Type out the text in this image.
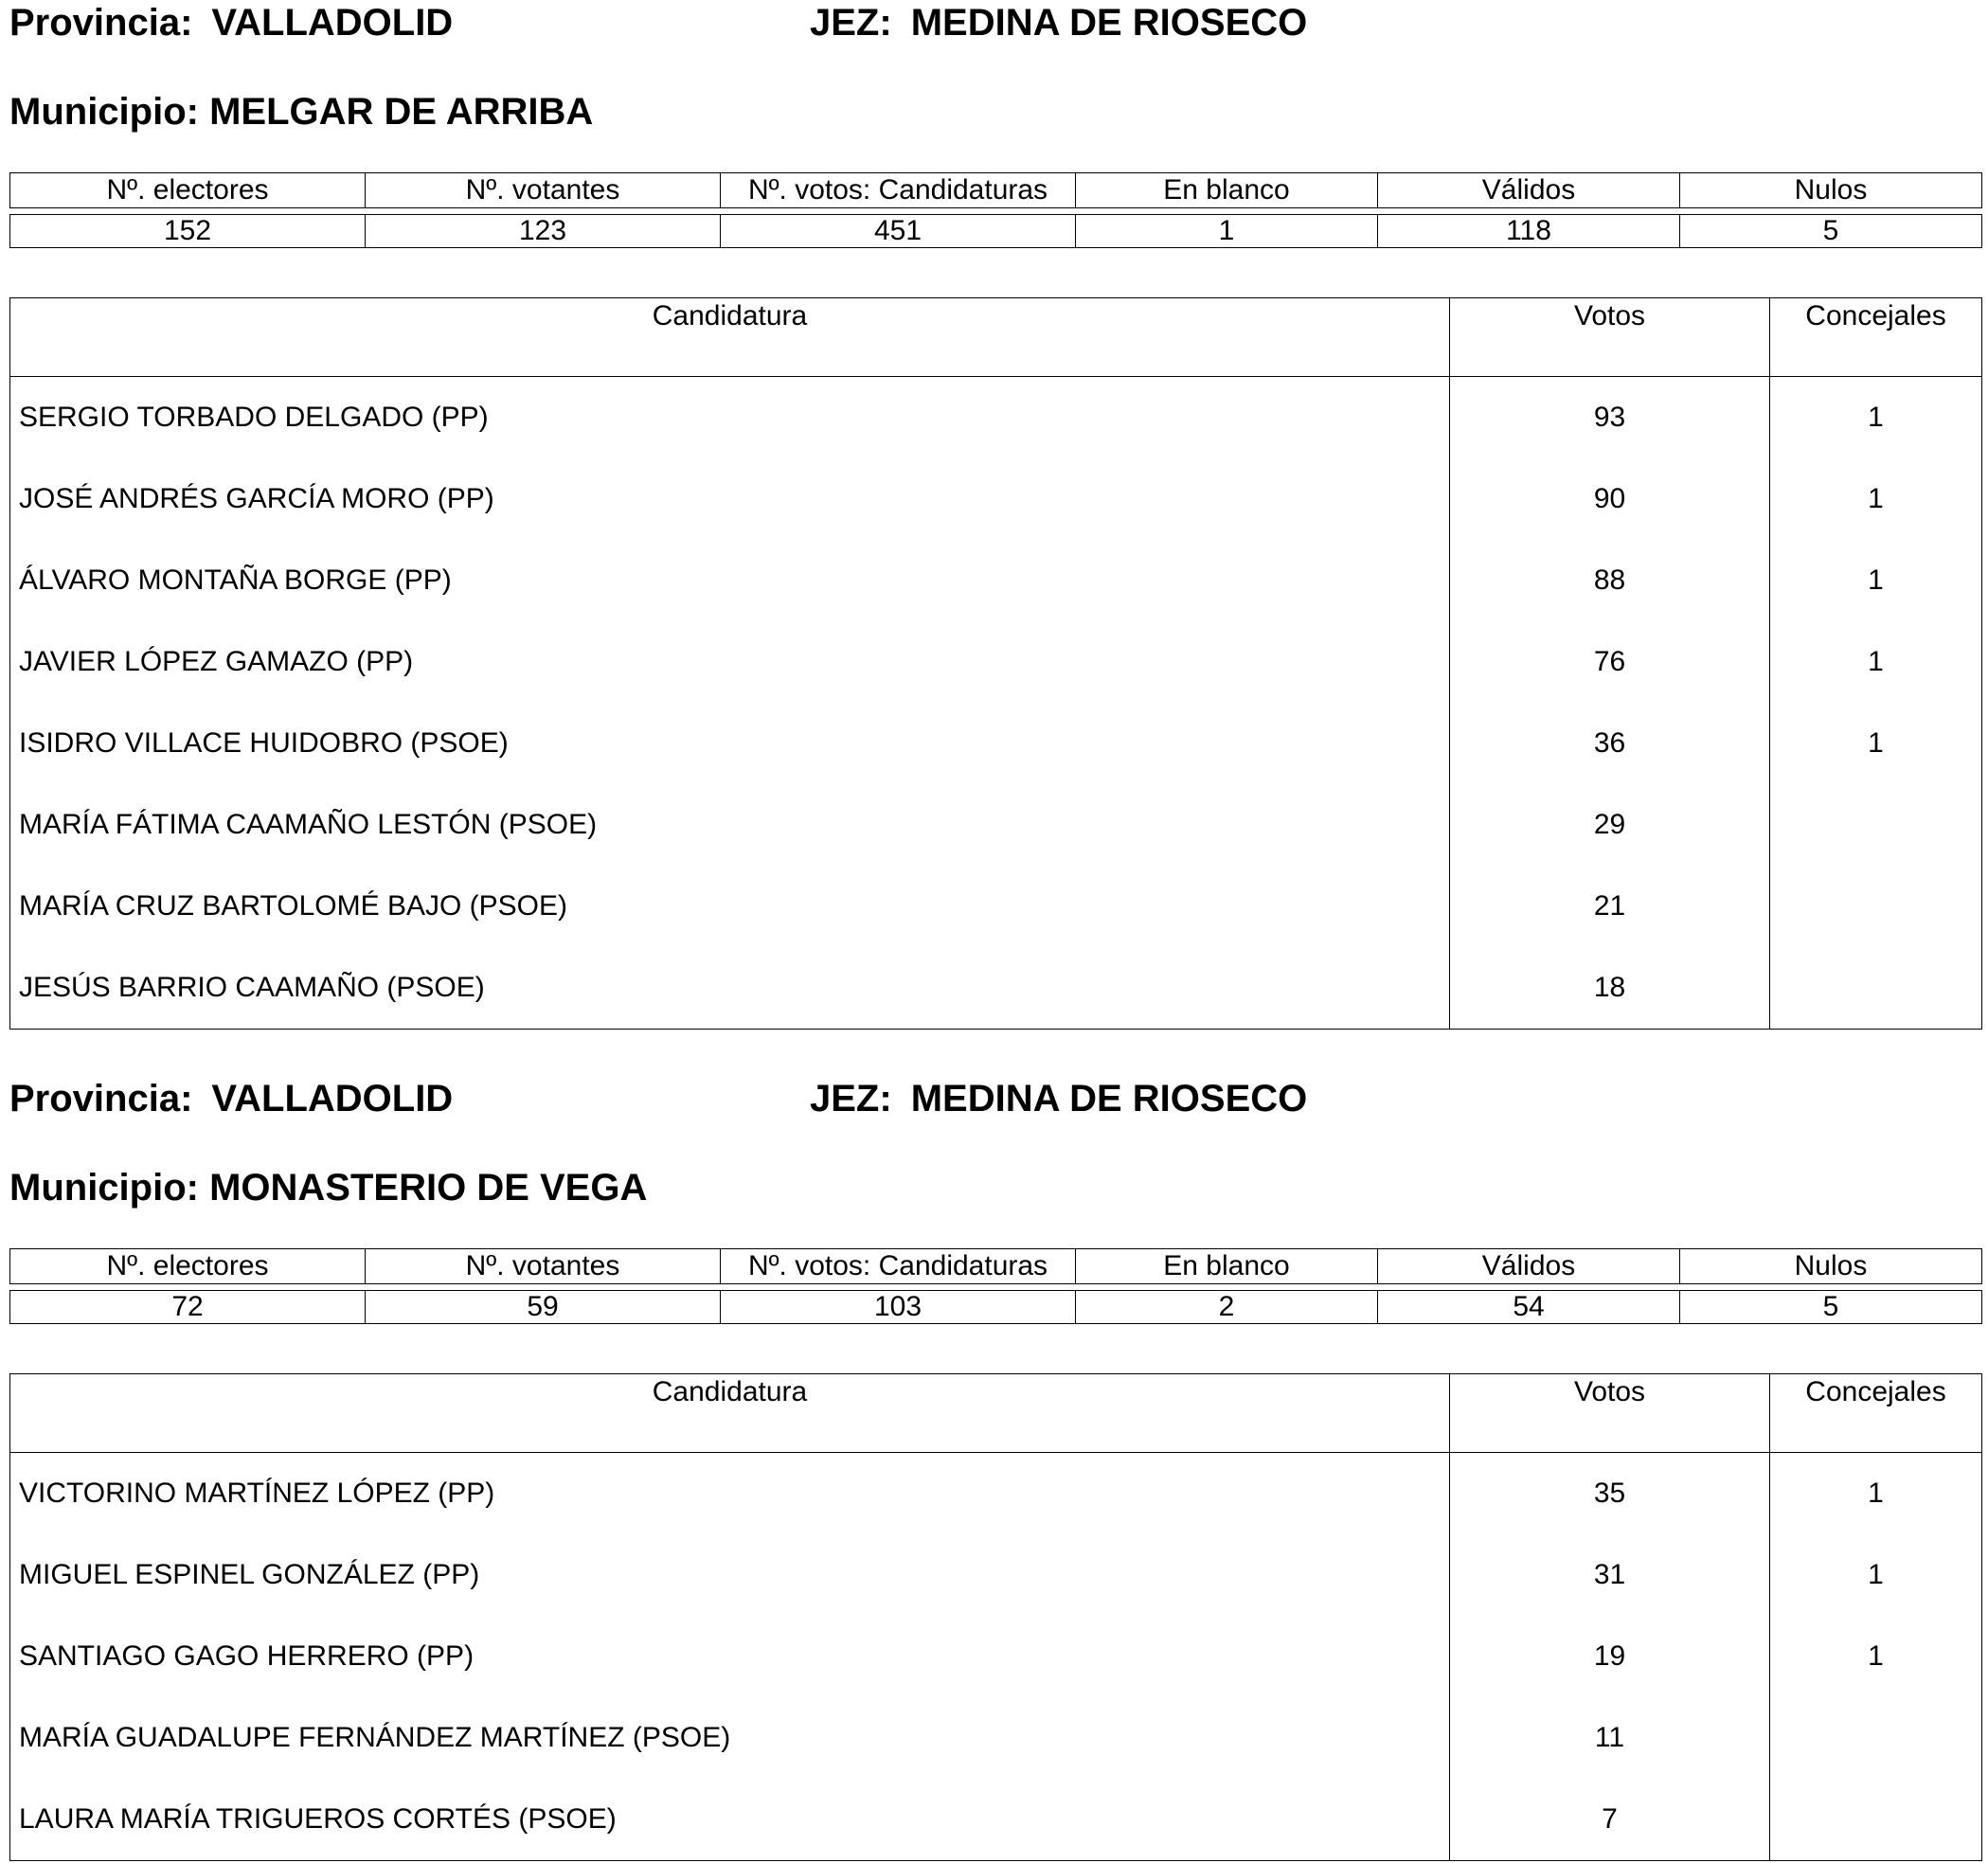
Provincia: VALLADOLID	JEZ: MEDINA DE RIOSECO
Municipio: MELGAR DE ARRIBA
Nº. electores	Nº. votantes	Nº. votos: Candidaturas	En blanco	Válidos	Nulos

152	123	451	1	118	5
Candidatura	Votos	Concejales
SERGIO TORBADO DELGADO (PP)	93	1
JOSÉ ANDRÉS GARCÍA MORO (PP)	90	1
ÁLVARO MONTAÑA BORGE (PP)	88	1
JAVIER LÓPEZ GAMAZO (PP)	76	1
ISIDRO VILLACE HUIDOBRO (PSOE)	36	1
MARÍA FÁTIMA CAAMAÑO LESTÓN (PSOE)	29	
MARÍA CRUZ BARTOLOMÉ BAJO (PSOE)	21	
JESÚS BARRIO CAAMAÑO (PSOE)	18	
Provincia: VALLADOLID	JEZ: MEDINA DE RIOSECO
Municipio: MONASTERIO DE VEGA
Nº. electores	Nº. votantes	Nº. votos: Candidaturas	En blanco	Válidos	Nulos

72	59	103	2	54	5
Candidatura	Votos	Concejales
VICTORINO MARTÍNEZ LÓPEZ (PP)	35	1
MIGUEL ESPINEL GONZÁLEZ (PP)	31	1
SANTIAGO GAGO HERRERO (PP)	19	1
MARÍA GUADALUPE FERNÁNDEZ MARTÍNEZ (PSOE)	11	
LAURA MARÍA TRIGUEROS CORTÉS (PSOE)	7	
